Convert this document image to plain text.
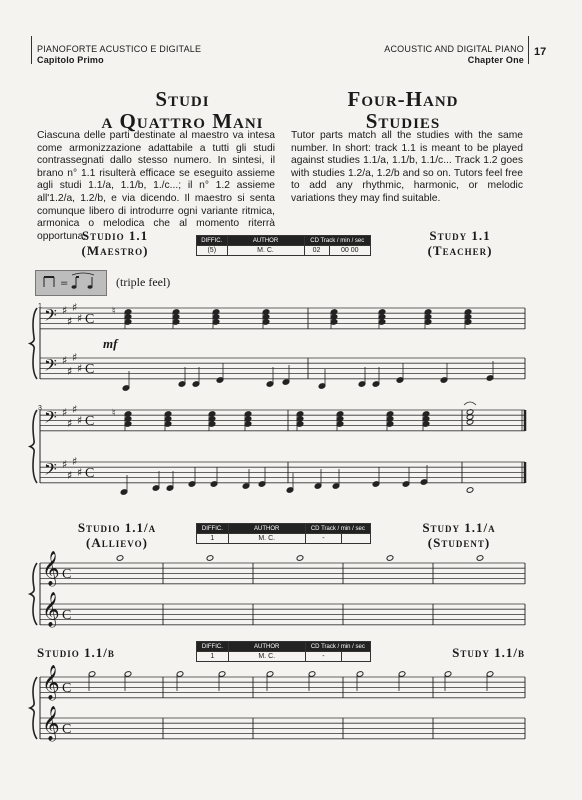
PIANOFORTE ACUSTICO E DIGITALE
Capitolo Primo
ACOUSTIC AND DIGITAL PIANO
Chapter One
17
Studi
a Quattro Mani
Four-Hand
Studies
Ciascuna delle parti destinate al maestro va intesa come armonizzazione adattabile a tutti gli studi contrassegnati dallo stesso numero. In sintesi, il brano n° 1.1 risulterà efficace se eseguito assieme agli studi 1.1/a, 1.1/b, 1./c...; il n° 1.2 assieme all'1.2/a, 1.2/b, e via dicendo. Il maestro si senta comunque libero di introdurre ogni variante ritmica, armonica o melodica che al momento riterrà opportuna.
Tutor parts match all the studies with the same number. In short: track 1.1 is meant to be played against studies 1.1/a, 1.1/b, 1.1/c... Track 1.2 goes with studies 1.2/a, 1.2/b and so on. Tutors feel free to add any rhythmic, harmonic, or melodic variations they may find suitable.
Studio 1.1
(Maestro)
Study 1.1
(Teacher)
DIFFIC.	AUTHOR	CD Track / min / sec	
(5)	M. C.	02	00 00
Studio 1.1/a
(Allievo)
Study 1.1/a
(Student)
DIFFIC.	AUTHOR	CD Track / min / sec	
1	M. C.	-	
Studio 1.1/b	Study 1.1/b
DIFFIC.	AUTHOR	CD Track / min / sec	
1	M. C.	-	
=	(triple feel)
𝄢 ♯
♯
♯
♯ C
𝄢 ♯
♯
♯
♯ C
♮
𝄢 ♯
♯
♯
♯ C
𝄢 ♯
♯
♯
♯ C
♮
𝄞 C
𝄞 C
𝄞 C
𝄞 C
mf
1
3
